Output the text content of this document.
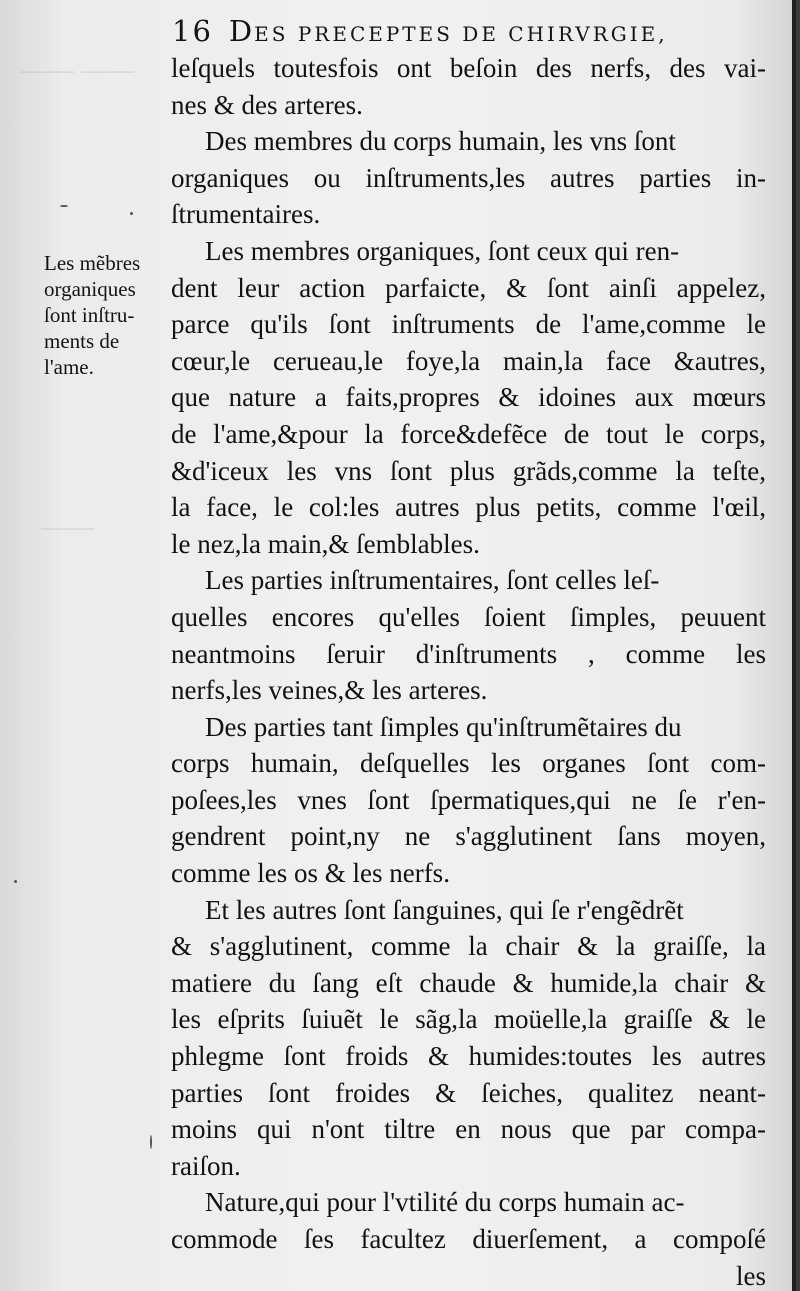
⸻ ⸻
⸻
16 DES PRECEPTES DE CHIRVRGIE,
Les mẽbres
organiques
ſont inſtru-
ments de
l'ame.
leſquels toutesfois ont beſoin des nerfs, des vai-
nes & des arteres.
Des membres du corps humain, les vns ſont
organiques ou inſtruments,les autres parties in-
ſtrumentaires.
Les membres organiques, ſont ceux qui ren-
dent leur action parfaicte, & ſont ainſi appelez,
parce qu'ils ſont inſtruments de l'ame,comme le
cœur,le cerueau,le foye,la main,la face &autres,
que nature a faits,propres & idoines aux mœurs
de l'ame,&pour la force&defẽce de tout le corps,
&d'iceux les vns ſont plus grãds,comme la teſte,
la face, le col:les autres plus petits, comme l'œil,
le nez,la main,& ſemblables.
Les parties inſtrumentaires, ſont celles leſ-
quelles encores qu'elles ſoient ſimples, peuuent
neantmoins ſeruir d'inſtruments , comme les
nerfs,les veines,& les arteres.
Des parties tant ſimples qu'inſtrumẽtaires du
corps humain, deſquelles les organes ſont com-
poſees,les vnes ſont ſpermatiques,qui ne ſe r'en-
gendrent point,ny ne s'agglutinent ſans moyen,
comme les os & les nerfs.
Et les autres ſont ſanguines, qui ſe r'engẽdrẽt
& s'agglutinent, comme la chair & la graiſſe, la
matiere du ſang eſt chaude & humide,la chair &
les eſprits ſuiuẽt le sãg,la moüelle,la graiſſe & le
phlegme ſont froids & humides:toutes les autres
parties ſont froides & ſeiches, qualitez neant-
moins qui n'ont tiltre en nous que par compa-
raiſon.
Nature,qui pour l'vtilité du corps humain ac-
commode ſes facultez diuerſement, a compoſé
les
